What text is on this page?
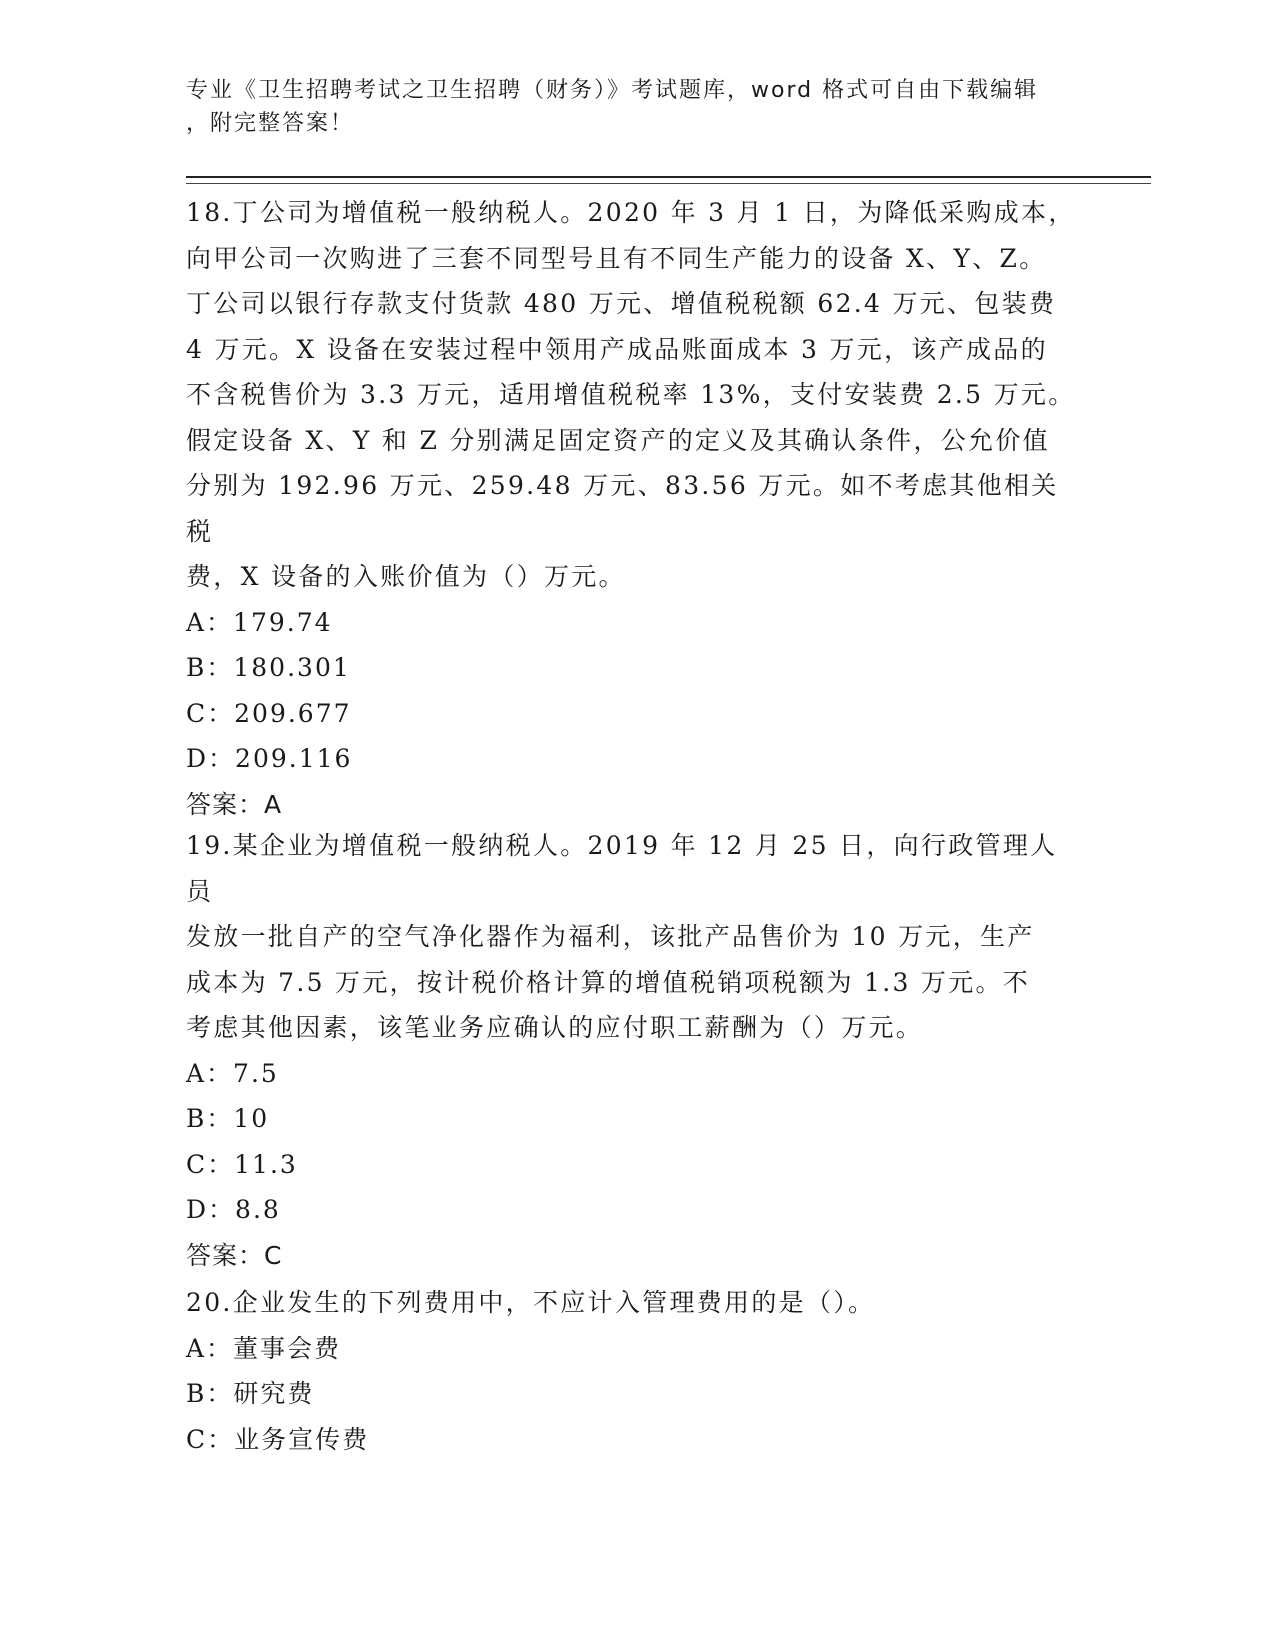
专业《卫生招聘考试之卫生招聘（财务）》考试题库，word 格式可自由下载编辑
，附完整答案！

18.丁公司为增值税一般纳税人。2020 年 3 月 1 日，为降低采购成本，

向甲公司一次购进了三套不同型号且有不同生产能力的设备 X、Y、Z。

丁公司以银行存款支付货款 480 万元、增值税税额 62.4 万元、包装费

4 万元。X 设备在安装过程中领用产成品账面成本 3 万元，该产成品的

不含税售价为 3.3 万元，适用增值税税率 13%，支付安装费 2.5 万元。

假定设备 X、Y 和 Z 分别满足固定资产的定义及其确认条件，公允价值

分别为 192.96 万元、259.48 万元、83.56 万元。如不考虑其他相关税

费，X 设备的入账价值为（）万元。

A：179.74

B：180.301

C：209.677

D：209.116

答案：A

19.某企业为增值税一般纳税人。2019 年 12 月 25 日，向行政管理人员

发放一批自产的空气净化器作为福利，该批产品售价为 10 万元，生产

成本为 7.5 万元，按计税价格计算的增值税销项税额为 1.3 万元。不

考虑其他因素，该笔业务应确认的应付职工薪酬为（）万元。

A：7.5

B：10

C：11.3

D：8.8

答案：C

20.企业发生的下列费用中，不应计入管理费用的是（）。

A：董事会费

B：研究费

C：业务宣传费
